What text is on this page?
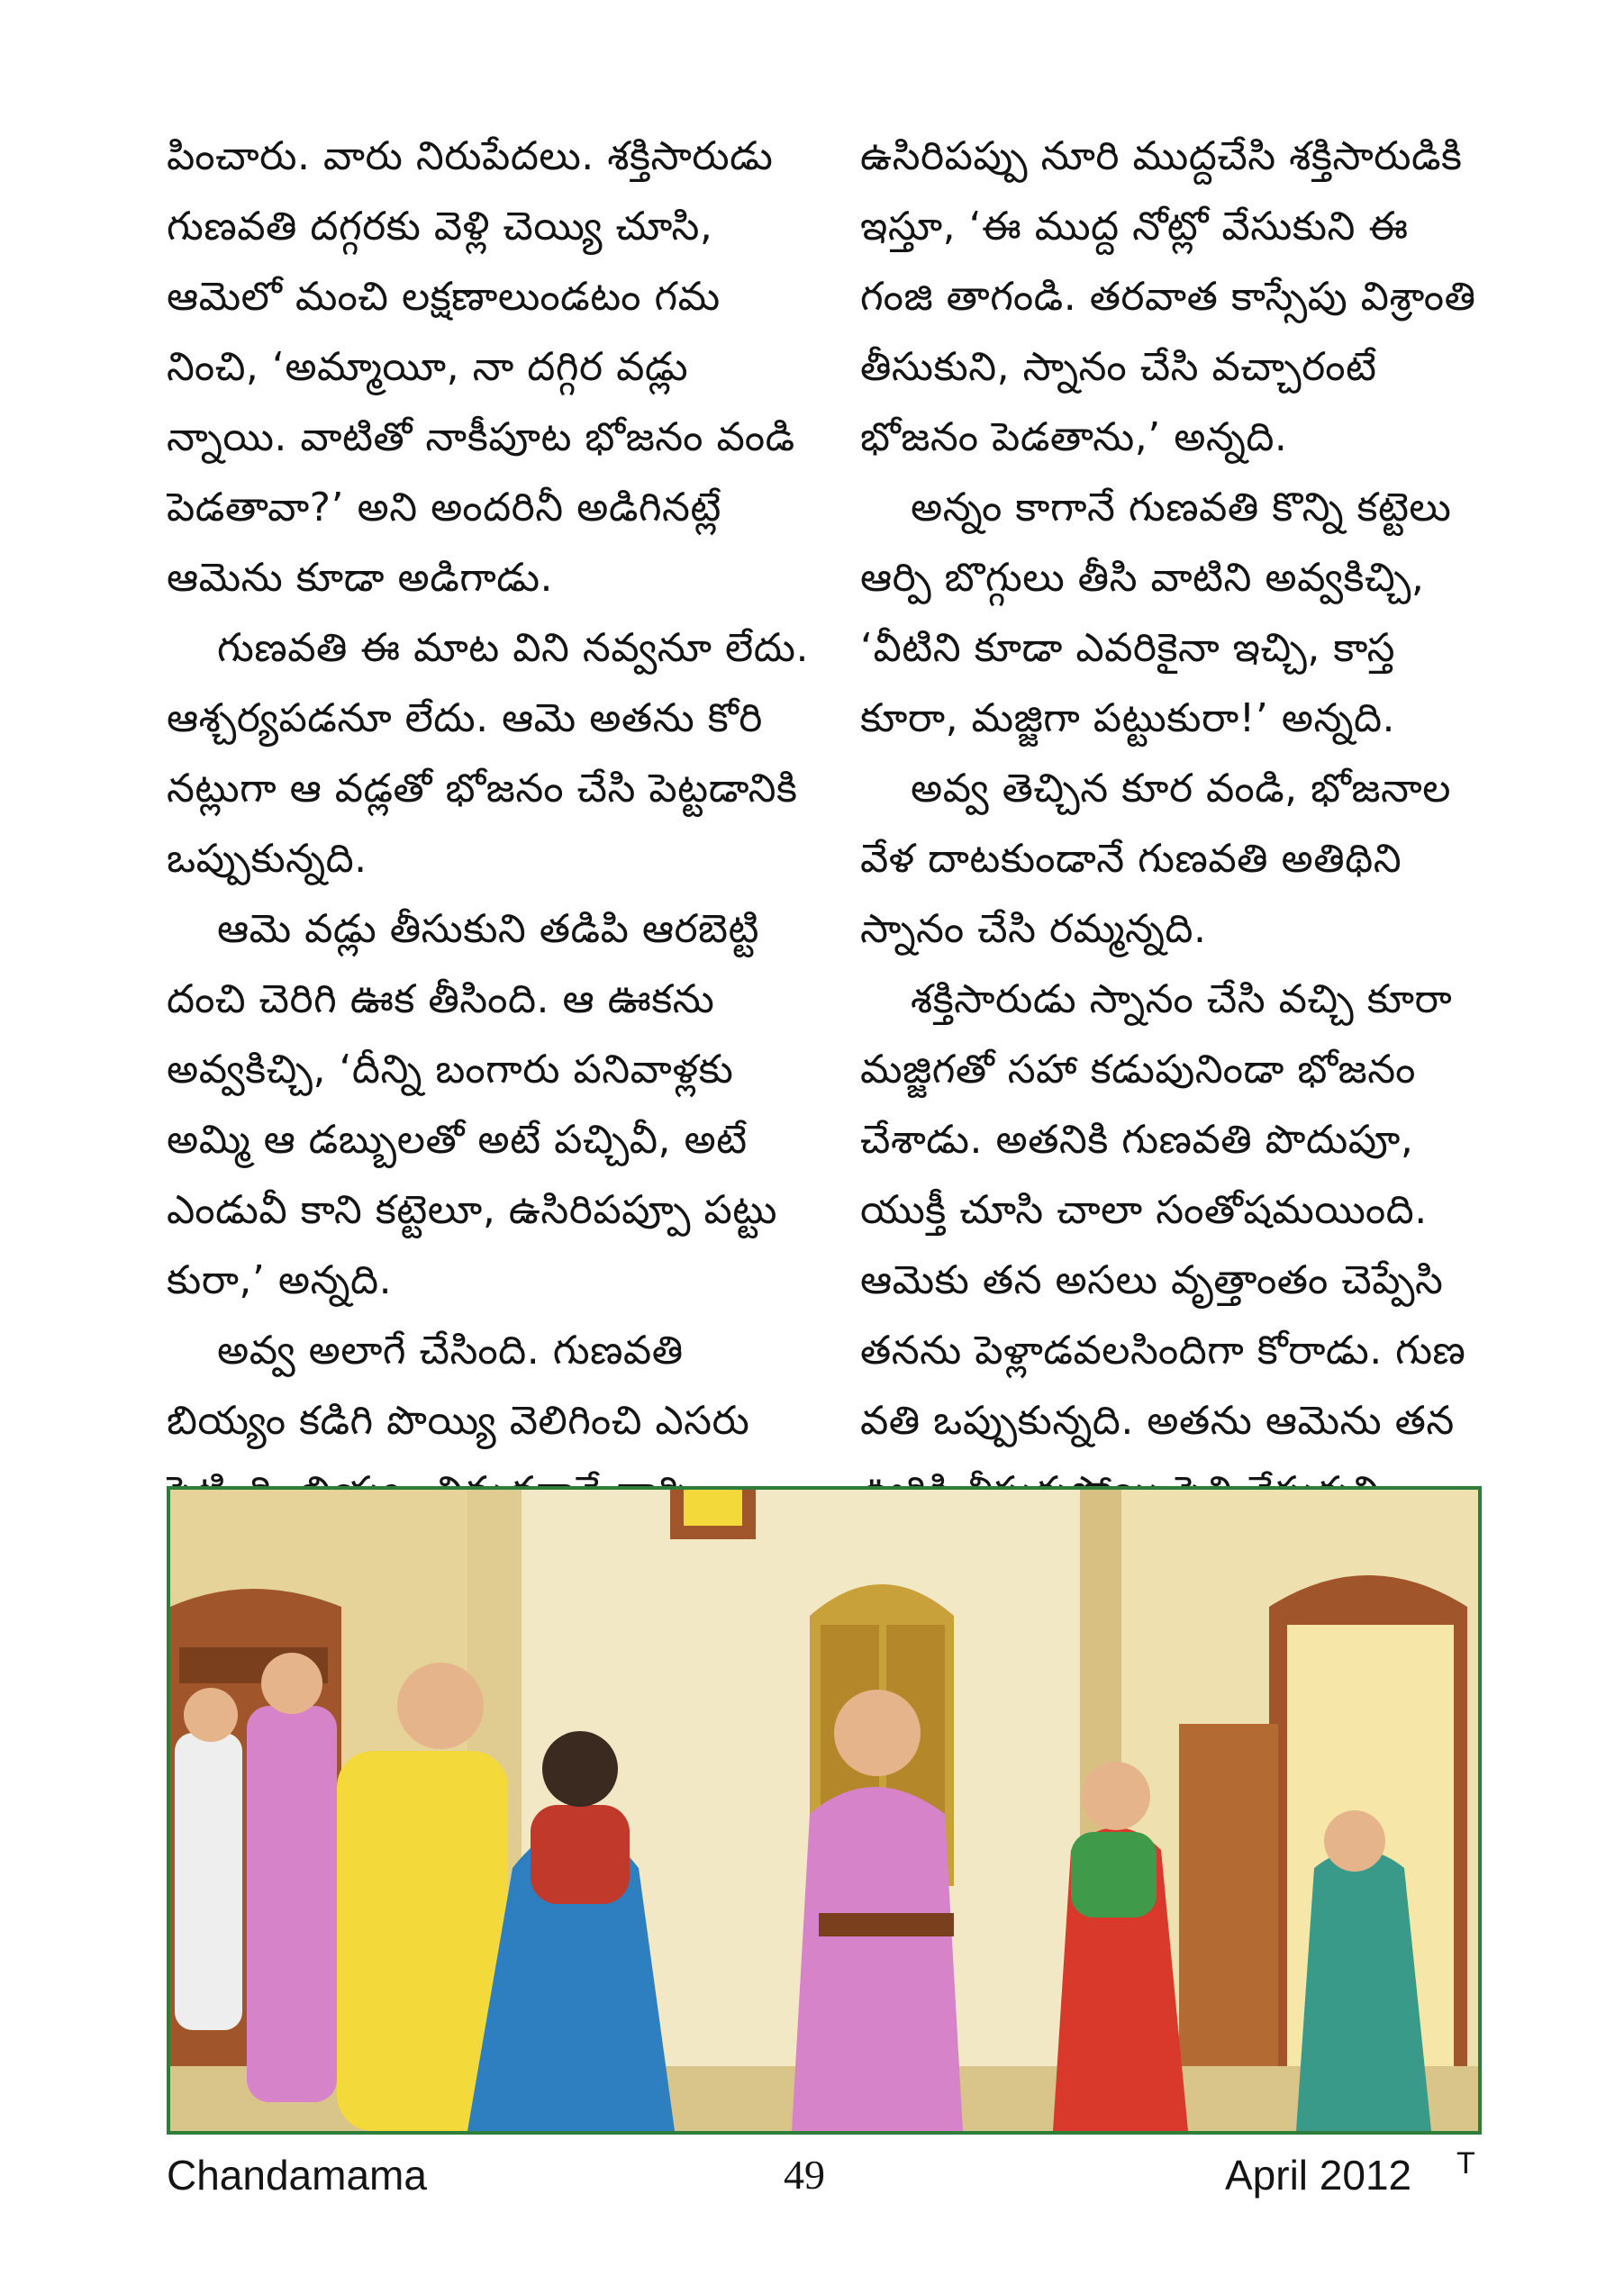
పించారు. వారు నిరుపేదలు. శక్తిసారుడు
గుణవతి దగ్గరకు వెళ్లి చెయ్యి చూసి,
ఆమెలో మంచి లక్షణాలుండటం గమ
నించి, ‘అమ్మాయీ, నా దగ్గిర వడ్లు
న్నాయి. వాటితో నాకీపూట భోజనం వండి
పెడతావా?’ అని అందరినీ అడిగినట్లే
ఆమెను కూడా అడిగాడు.
గుణవతి ఈ మాట విని నవ్వనూ లేదు.
ఆశ్చర్యపడనూ లేదు. ఆమె అతను కోరి
నట్లుగా ఆ వడ్లతో భోజనం చేసి పెట్టడానికి
ఒప్పుకున్నది.
ఆమె వడ్లు తీసుకుని తడిపి ఆరబెట్టి
దంచి చెరిగి ఊక తీసింది. ఆ ఊకను
అవ్వకిచ్చి, ‘దీన్ని బంగారు పనివాళ్లకు
అమ్మి ఆ డబ్బులతో అటే పచ్చివీ, అటే
ఎండువీ కాని కట్టెలూ, ఉసిరిపప్పూ పట్టు
కురా,’ అన్నది.
అవ్వ అలాగే చేసింది. గుణవతి
బియ్యం కడిగి పొయ్యి వెలిగించి ఎసరు
ఉసిరిపప్పు నూరి ముద్దచేసి శక్తిసారుడికి
ఇస్తూ, ‘ఈ ముద్ద నోట్లో వేసుకుని ఈ
గంజి తాగండి. తరవాత కాస్సేపు విశ్రాంతి
తీసుకుని, స్నానం చేసి వచ్చారంటే
భోజనం పెడతాను,’ అన్నది.
అన్నం కాగానే గుణవతి కొన్ని కట్టెలు
ఆర్పి బొగ్గులు తీసి వాటిని అవ్వకిచ్చి,
‘వీటిని కూడా ఎవరికైనా ఇచ్చి, కాస్త
కూరా, మజ్జిగా పట్టుకురా!’ అన్నది.
అవ్వ తెచ్చిన కూర వండి, భోజనాల
వేళ దాటకుండానే గుణవతి అతిథిని
స్నానం చేసి రమ్మన్నది.
శక్తిసారుడు స్నానం చేసి వచ్చి కూరా
మజ్జిగతో సహా కడుపునిండా భోజనం
చేశాడు. అతనికి గుణవతి పొదుపూ,
యుక్తీ చూసి చాలా సంతోషమయింది.
ఆమెకు తన అసలు వృత్తాంతం చెప్పేసి
తనను పెళ్లాడవలసిందిగా కోరాడు. గుణ
వతి ఒప్పుకున్నది. అతను ఆమెను తన
Chandamama	49	April 2012 T
